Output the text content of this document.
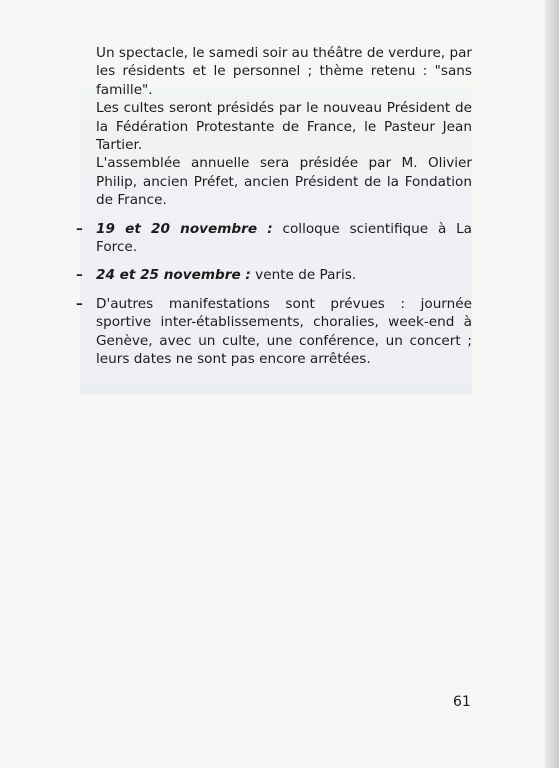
Un spectacle, le samedi soir au théâtre de verdure, par les résidents et le personnel ; thème retenu : "sans famille".

Les cultes seront présidés par le nouveau Président de la Fédération Protestante de France, le Pasteur Jean Tartier.

L'assemblée annuelle sera présidée par M. Olivier Philip, ancien Préfet, ancien Président de la Fondation de France.

– 19 et 20 novembre : colloque scientifique à La Force.

– 24 et 25 novembre : vente de Paris.

– D'autres manifestations sont prévues : journée sportive inter-établissements, choralies, week-end à Genève, avec un culte, une conférence, un concert ; leurs dates ne sont pas encore arrêtées.

61
